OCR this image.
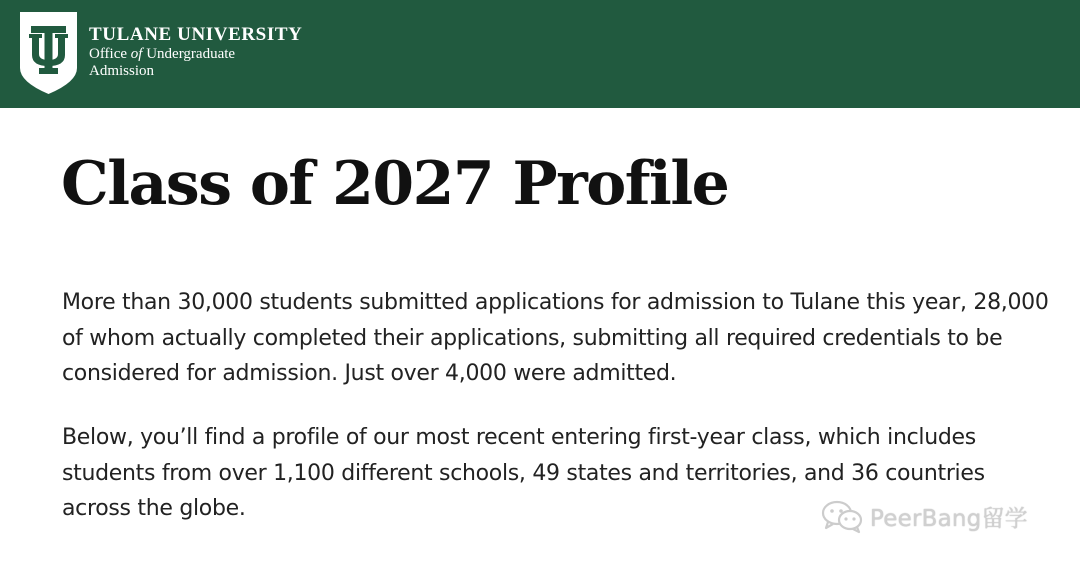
TULANE UNIVERSITY
Office of Undergraduate
Admission
Class of 2027 Profile

More than 30,000 students submitted applications for admission to Tulane this year, 28,000 of whom actually completed their applications, submitting all required credentials to be considered for admission. Just over 4,000 were admitted.

Below, you’ll find a profile of our most recent entering first-year class, which includes students from over 1,100 different schools, 49 states and territories, and 36 countries across the globe.	PeerBang留学
